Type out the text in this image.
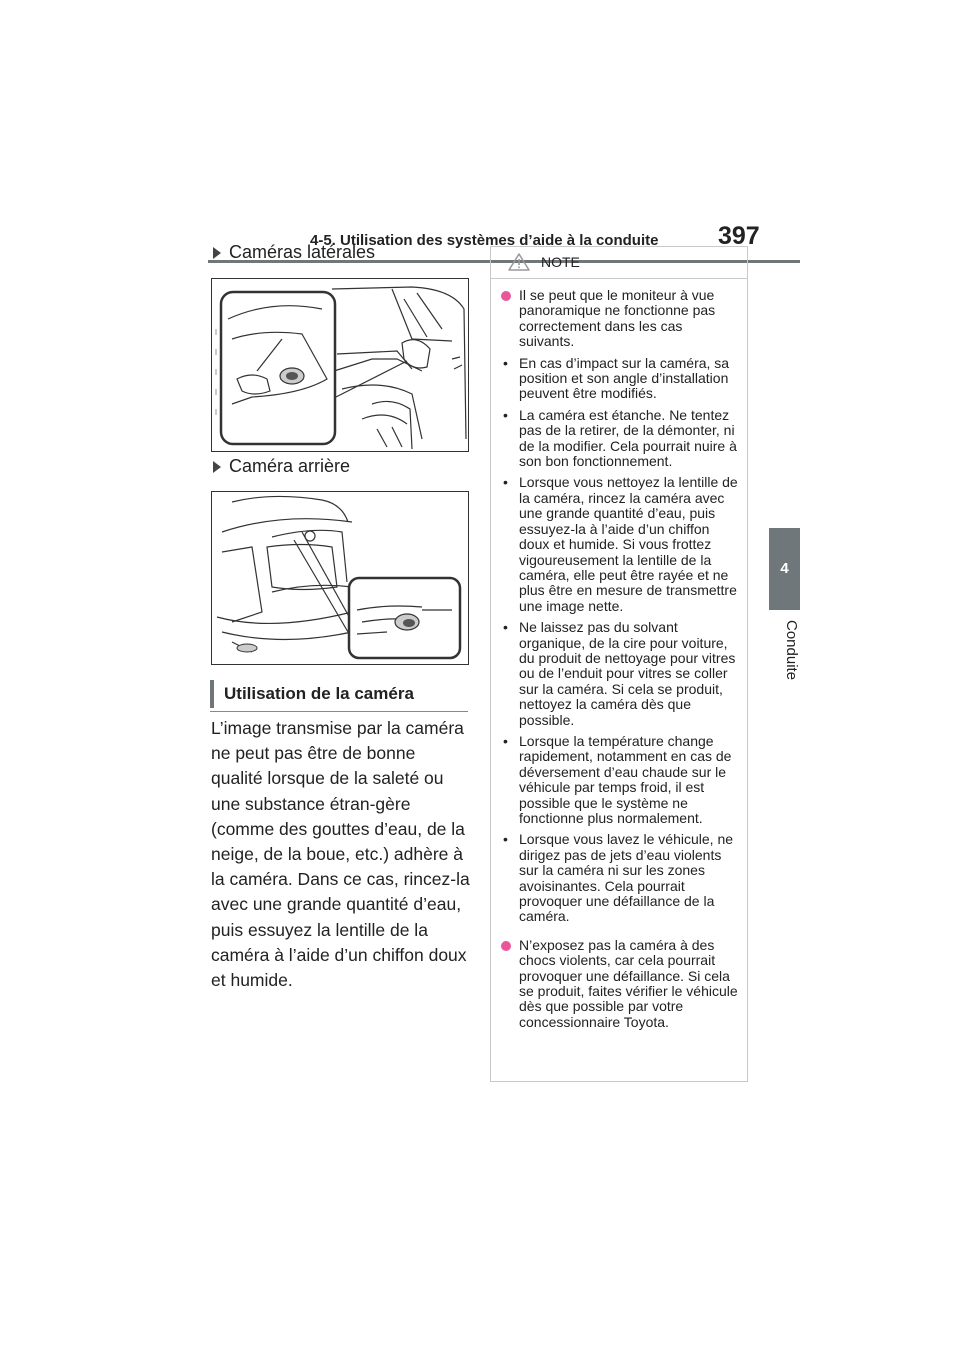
4-5. Utilisation des systèmes d’aide à la conduite 397
4
Conduite
Caméras latérales
Caméra arrière
Utilisation de la caméra
L’image transmise par la caméra ne peut pas être de bonne qualité lorsque de la saleté ou une substance étran-gère (comme des gouttes d’eau, de la neige, de la boue, etc.) adhère à la caméra. Dans ce cas, rincez-la avec une grande quantité d’eau, puis essuyez la lentille de la caméra à l’aide d’un chiffon doux et humide.
NOTE
Il se peut que le moniteur à vue panoramique ne fonctionne pas correctement dans les cas suivants.
• En cas d’impact sur la caméra, sa position et son angle d’installation peuvent être modifiés.
• La caméra est étanche. Ne tentez pas de la retirer, de la démonter, ni de la modifier. Cela pourrait nuire à son bon fonctionnement.
• Lorsque vous nettoyez la lentille de la caméra, rincez la caméra avec une grande quantité d’eau, puis essuyez-la à l’aide d’un chiffon doux et humide. Si vous frottez vigoureusement la lentille de la caméra, elle peut être rayée et ne plus être en mesure de transmettre une image nette.
• Ne laissez pas du solvant organique, de la cire pour voiture, du produit de nettoyage pour vitres ou de l’enduit pour vitres se coller sur la caméra. Si cela se produit, nettoyez la caméra dès que possible.
• Lorsque la température change rapidement, notamment en cas de déversement d’eau chaude sur le véhicule par temps froid, il est possible que le système ne fonctionne plus normalement.
• Lorsque vous lavez le véhicule, ne dirigez pas de jets d’eau violents sur la caméra ni sur les zones avoisinantes. Cela pourrait provoquer une défaillance de la caméra.
N’exposez pas la caméra à des chocs violents, car cela pourrait provoquer une défaillance. Si cela se produit, faites vérifier le véhicule dès que possible par votre concessionnaire Toyota.
